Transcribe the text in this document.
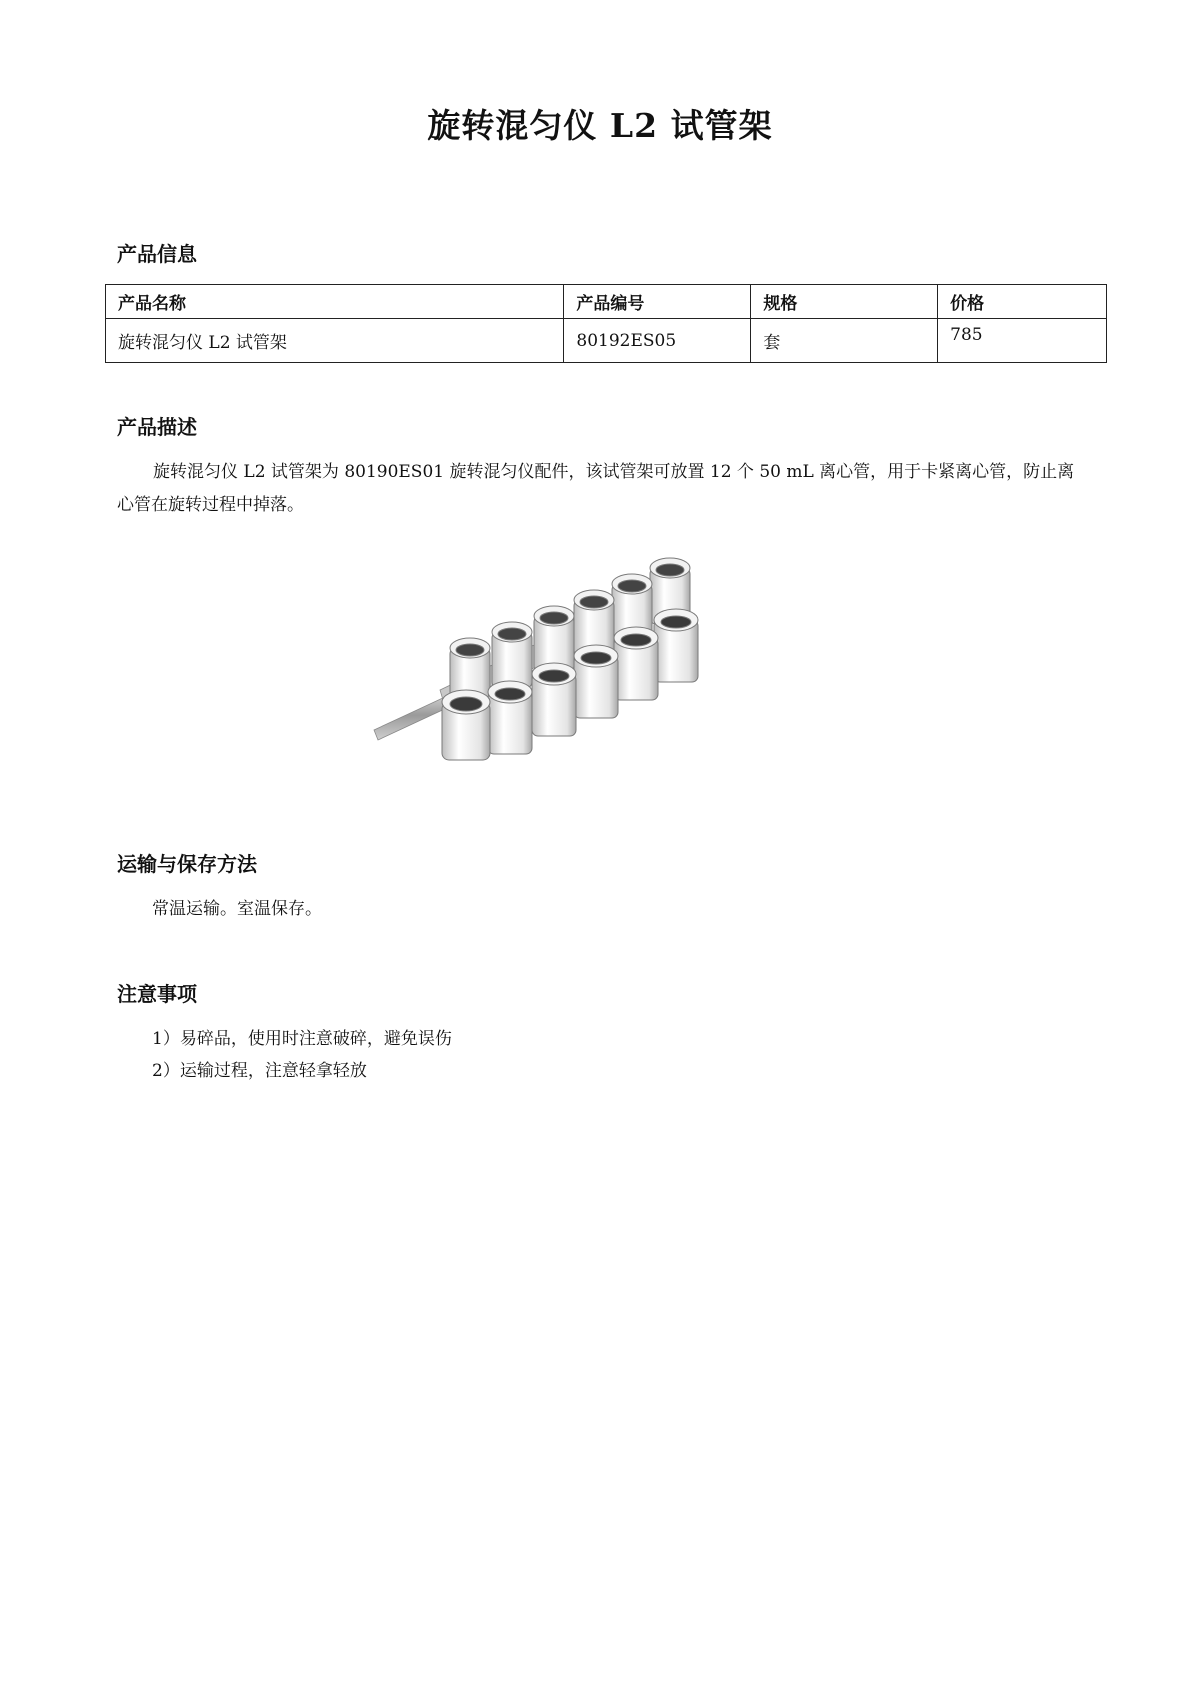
旋转混匀仪 L2 试管架
产品信息
产品名称	产品编号	规格	价格
旋转混匀仪 L2 试管架	80192ES05	套	785
产品描述
旋转混匀仪 L2 试管架为 80190ES01 旋转混匀仪配件，该试管架可放置 12 个 50 mL 离心管，用于卡紧离心管，防止离心管在旋转过程中掉落。
运输与保存方法
常温运输。室温保存。
注意事项
1）易碎品，使用时注意破碎，避免误伤
2）运输过程，注意轻拿轻放
